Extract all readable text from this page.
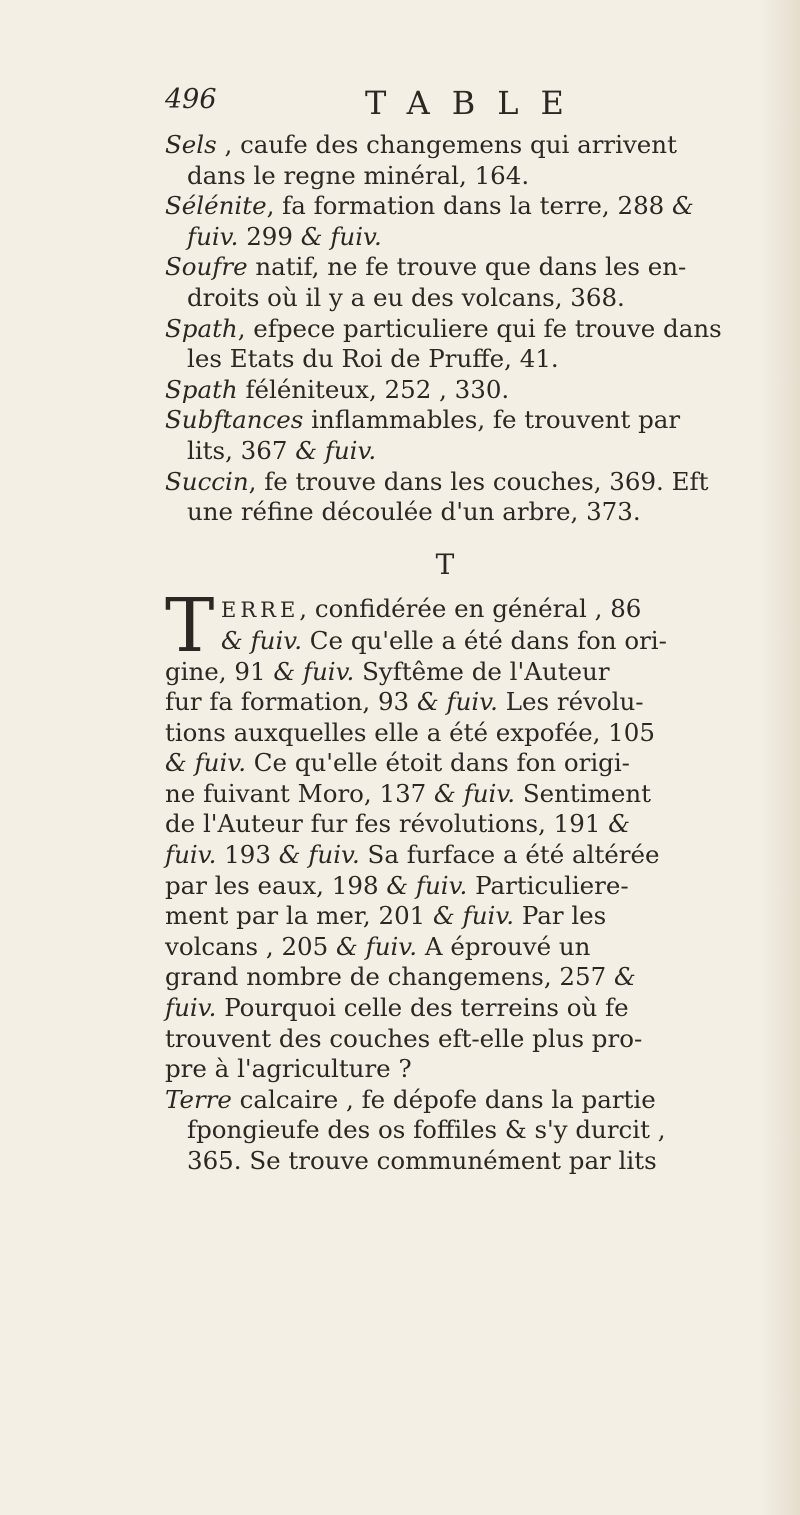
496	TABLE

Sels , caufe des changemens qui arrivent
dans le regne minéral, 164.

Sélénite, fa formation dans la terre, 288 &
fuiv. 299 & fuiv.

Soufre natif, ne fe trouve que dans les en-
droits où il y a eu des volcans, 368.

Spath, efpece particuliere qui fe trouve dans
les Etats du Roi de Pruffe, 41.

Spath féléniteux, 252 , 330.

Subftances inflammables, fe trouvent par
lits, 367 & fuiv.

Succin, fe trouve dans les couches, 369. Eft
une réfine découlée d'un arbre, 373.

T
T ERRE, confidérée en général , 86
& fuiv. Ce qu'elle a été dans fon ori-
gine, 91 & fuiv. Syftême de l'Auteur
fur fa formation, 93 & fuiv. Les révolu-
tions auxquelles elle a été expofée, 105
& fuiv. Ce qu'elle étoit dans fon origi-
ne fuivant Moro, 137 & fuiv. Sentiment
de l'Auteur fur fes révolutions, 191 &
fuiv. 193 & fuiv. Sa furface a été altérée
par les eaux, 198 & fuiv. Particuliere-
ment par la mer, 201 & fuiv. Par les
volcans , 205 & fuiv. A éprouvé un
grand nombre de changemens, 257 &
fuiv. Pourquoi celle des terreins où fe
trouvent des couches eft-elle plus pro-
pre à l'agriculture ?
Terre calcaire , fe dépofe dans la partie
fpongieufe des os foffiles & s'y durcit ,
365. Se trouve communément par lits
